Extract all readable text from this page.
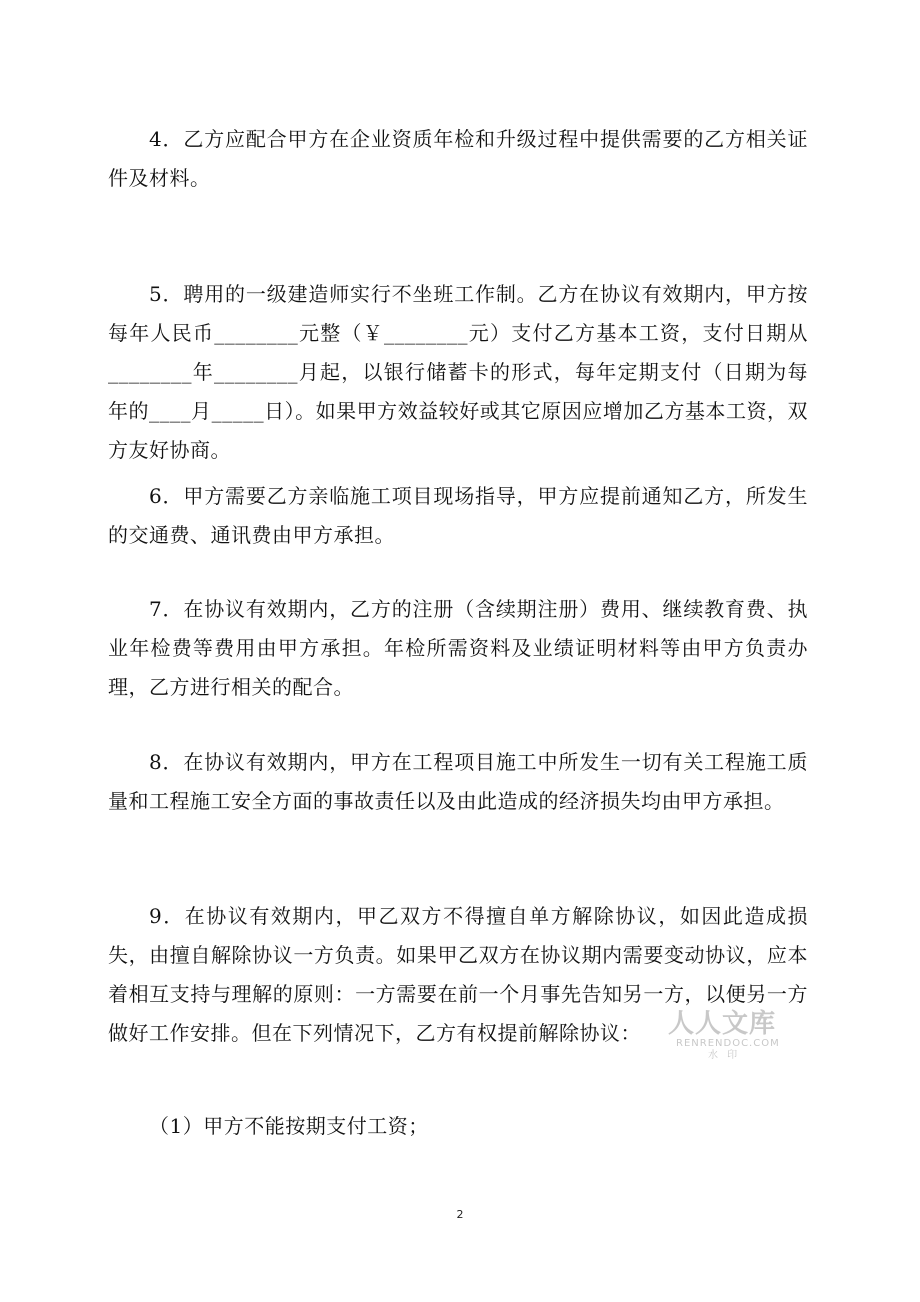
4．乙方应配合甲方在企业资质年检和升级过程中提供需要的乙方相关证件及材料。

5．聘用的一级建造师实行不坐班工作制。乙方在协议有效期内，甲方按每年人民币________元整（￥________元）支付乙方基本工资，支付日期从________年________月起，以银行储蓄卡的形式，每年定期支付（日期为每年的____月_____日）。如果甲方效益较好或其它原因应增加乙方基本工资，双方友好协商。

6．甲方需要乙方亲临施工项目现场指导，甲方应提前通知乙方，所发生的交通费、通讯费由甲方承担。

7．在协议有效期内，乙方的注册（含续期注册）费用、继续教育费、执业年检费等费用由甲方承担。年检所需资料及业绩证明材料等由甲方负责办理，乙方进行相关的配合。

8．在协议有效期内，甲方在工程项目施工中所发生一切有关工程施工质量和工程施工安全方面的事故责任以及由此造成的经济损失均由甲方承担。

9．在协议有效期内，甲乙双方不得擅自单方解除协议，如因此造成损失，由擅自解除协议一方负责。如果甲乙双方在协议期内需要变动协议，应本着相互支持与理解的原则：一方需要在前一个月事先告知另一方，以便另一方做好工作安排。但在下列情况下，乙方有权提前解除协议：

（1）甲方不能按期支付工资；

人人文库
RENRENDOC.COM
水 印
2
